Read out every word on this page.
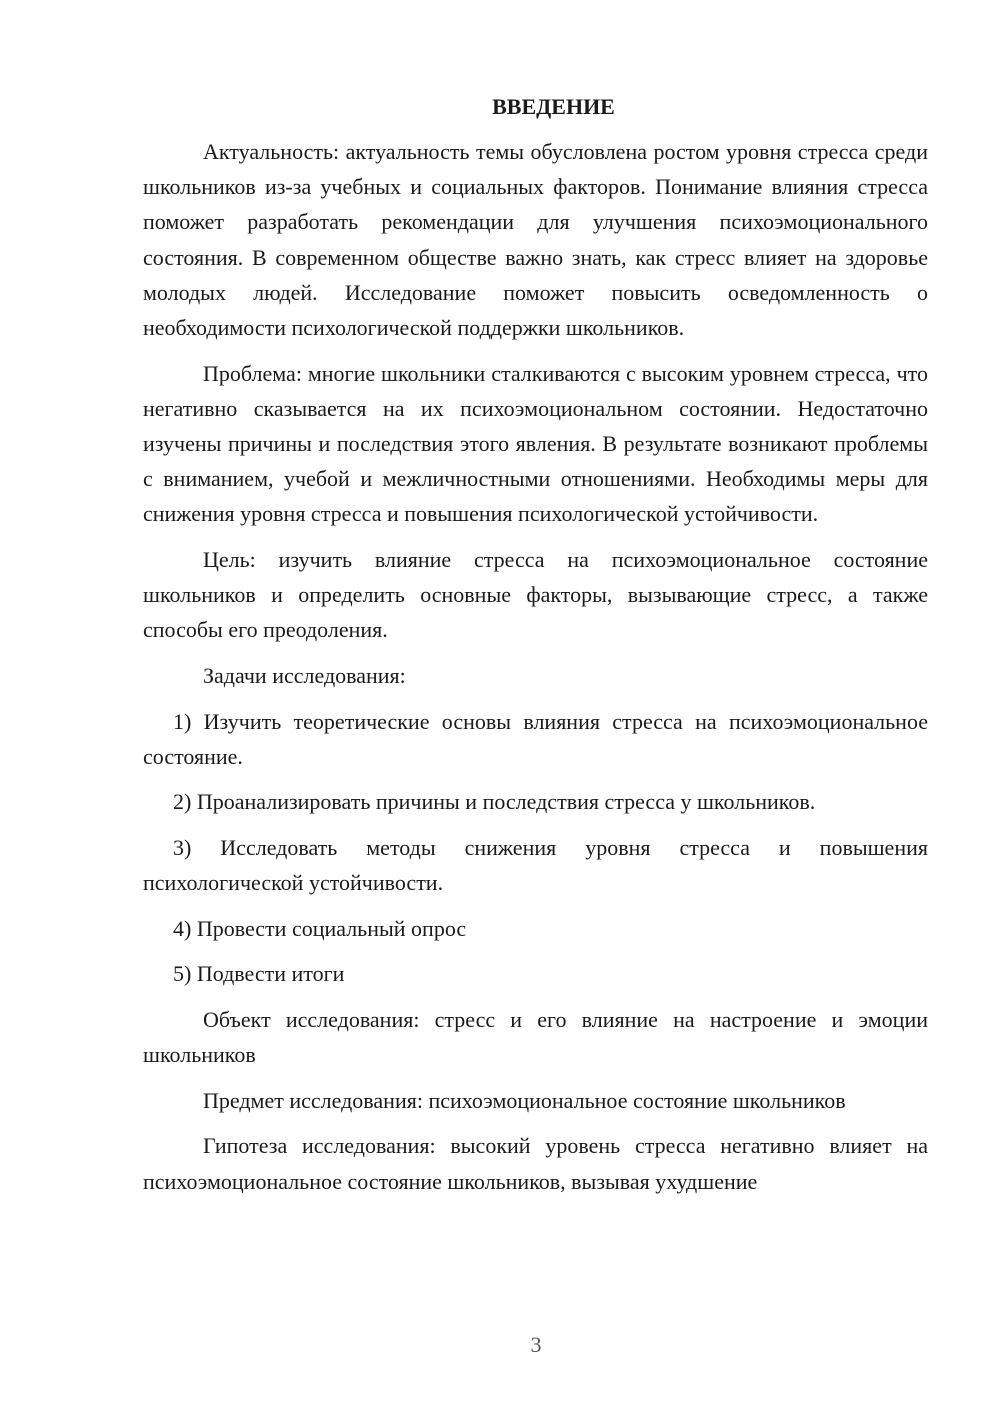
ВВЕДЕНИЕ

Актуальность: актуальность темы обусловлена ростом уровня стресса среди школьников из-за учебных и социальных факторов. Понимание влияния стресса поможет разработать рекомендации для улучшения психоэмоционального состояния. В современном обществе важно знать, как стресс влияет на здоровье молодых людей. Исследование поможет повысить осведомленность о необходимости психологической поддержки школьников.

Проблема: многие школьники сталкиваются с высоким уровнем стресса, что негативно сказывается на их психоэмоциональном состоянии. Недостаточно изучены причины и последствия этого явления. В результате возникают проблемы с вниманием, учебой и межличностными отношениями. Необходимы меры для снижения уровня стресса и повышения психологической устойчивости.

Цель: изучить влияние стресса на психоэмоциональное состояние школьников и определить основные факторы, вызывающие стресс, а также способы его преодоления.

Задачи исследования:

1) Изучить теоретические основы влияния стресса на психоэмоциональное состояние.

2) Проанализировать причины и последствия стресса у школьников.

3) Исследовать методы снижения уровня стресса и повышения психологической устойчивости.

4) Провести социальный опрос

5) Подвести итоги

Объект исследования: стресс и его влияние на настроение и эмоции школьников

Предмет исследования: психоэмоциональное состояние школьников

Гипотеза исследования: высокий уровень стресса негативно влияет на психоэмоциональное состояние школьников, вызывая ухудшение

3
